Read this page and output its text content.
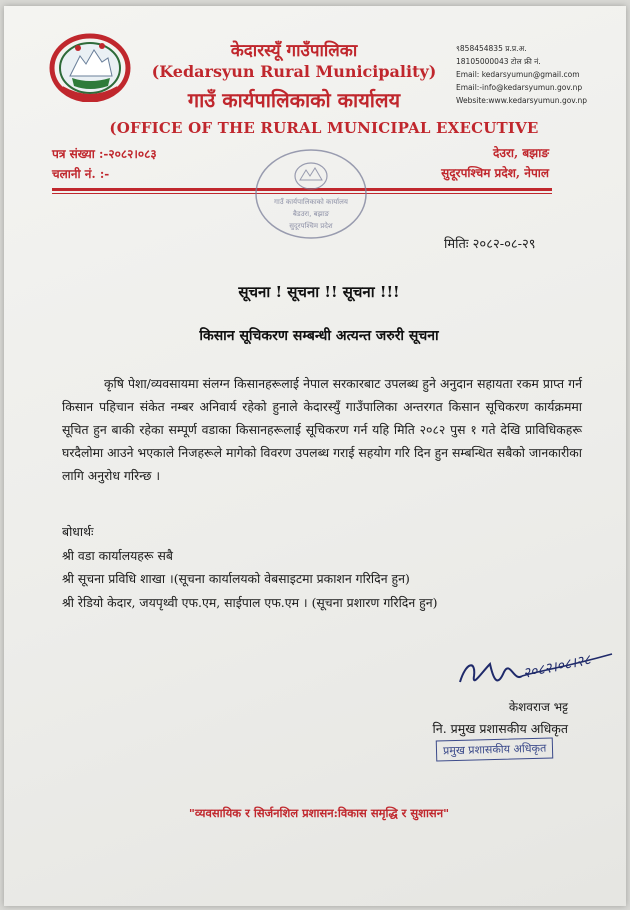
केदारस्यूँ गाउँपालिका
(Kedarsyun Rural Municipality)
गाउँ कार्यपालिकाको कार्यालय
९858454835 प्र.प्र.अ.
18105000043 टोल फ्री नं.
Email: kedarsyumun@gmail.com
Email:-info@kedarsyumun.gov.np
Website:www.kedarsyumun.gov.np
(OFFICE OF THE RURAL MUNICIPAL EXECUTIVE
पत्र संख्या :-२०८२।०८३
चलानी नं. :-
देउरा, बझाङ
सुदूरपश्चिम प्रदेश, नेपाल
गाउँ कार्यपालिकाको कार्यालय
बैडउरा, बझाङ
सुदूरपश्चिम प्रदेश
मितिः २०८२-०८-२९
सूचना ! सूचना !! सूचना !!!
किसान सूचिकरण सम्बन्धी अत्यन्त जरुरी सूचना
कृषि पेशा/व्यवसायमा संलग्न किसानहरूलाई नेपाल सरकारबाट उपलब्ध हुने अनुदान सहायता रकम प्राप्त गर्न किसान पहिचान संकेत नम्बर अनिवार्य रहेको हुनाले केदारस्युँ गाउँपालिका अन्तरगत किसान सूचिकरण कार्यक्रममा सूचित हुन बाकी रहेका सम्पूर्ण वडाका किसानहरूलाई सूचिकरण गर्न यहि मिति २०८२ पुस १ गते देखि प्राविधिकहरू घरदैलोमा आउने भएकाले निजहरूले मागेको विवरण उपलब्ध गराई सहयोग गरि दिन हुन सम्बन्धित सबैको जानकारीका लागि अनुरोध गरिन्छ ।
बोधार्थः
श्री वडा कार्यालयहरू सबै
श्री सूचना प्रविधि शाखा ।(सूचना कार्यालयको वेबसाइटमा प्रकाशन गरिदिन हुन)
श्री रेडियो केदार, जयपृथ्वी एफ.एम, साईपाल एफ.एम । (सूचना प्रशारण गरिदिन हुन)
२०८२।०८।२८
केशवराज भट्ट
नि. प्रमुख प्रशासकीय अधिकृत
प्रमुख प्रशासकीय अधिकृत
"व्यवसायिक र सिर्जनशिल प्रशासन:विकास समृद्धि र सुशासन"
